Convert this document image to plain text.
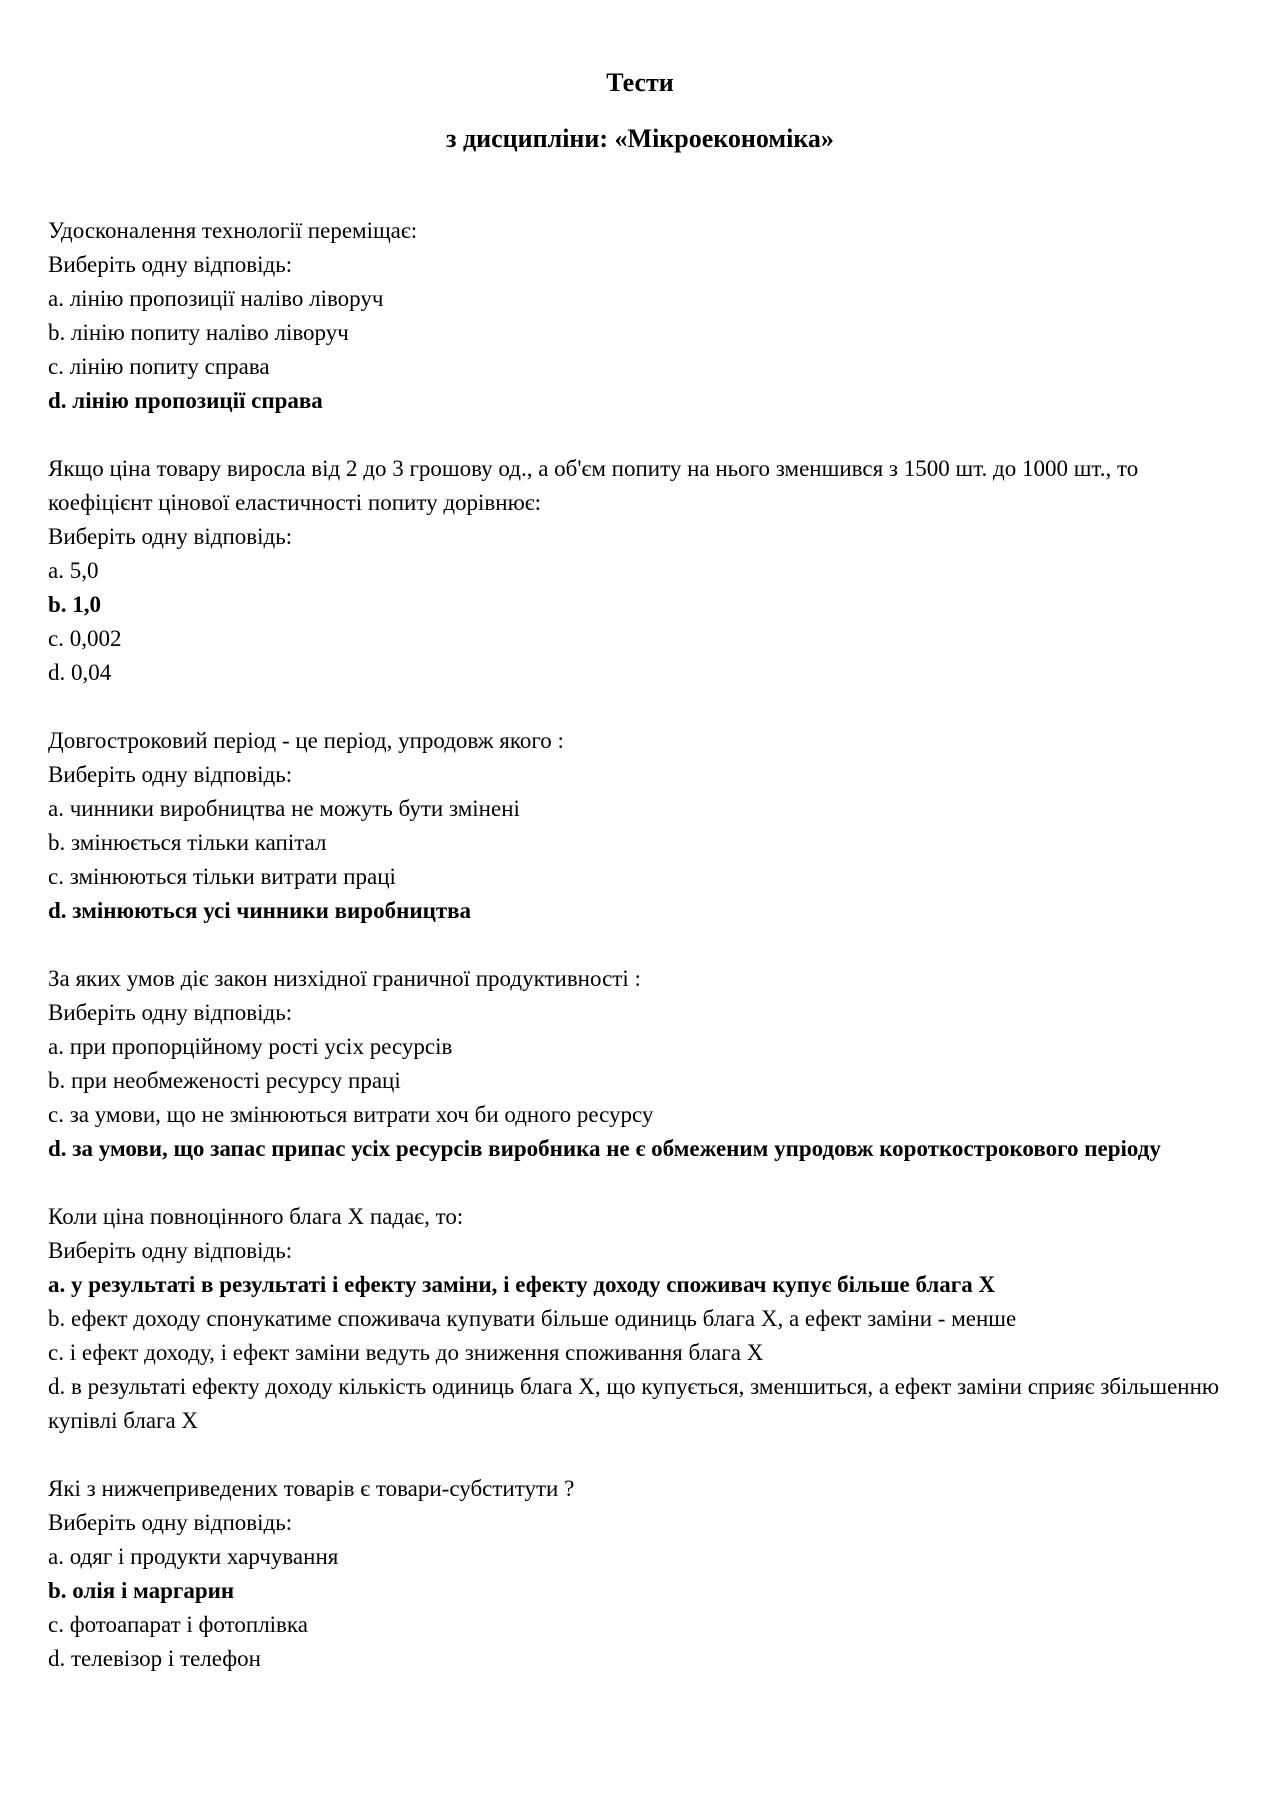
Тести
з дисципліни: «Мікроекономіка»

Удосконалення технології переміщає:

Виберіть одну відповідь:

a. лінію пропозиції наліво ліворуч

b. лінію попиту наліво ліворуч

c. лінію попиту справа

d. лінію пропозиції справа

Якщо ціна товару виросла від 2 до 3 грошову од., а об'єм попиту на нього зменшився з 1500 шт. до 1000 шт., то коефіцієнт цінової еластичності попиту дорівнює:

Виберіть одну відповідь:

a. 5,0

b. 1,0

c. 0,002

d. 0,04

Довгостроковий період - це період, упродовж якого :

Виберіть одну відповідь:

a. чинники виробництва не можуть бути змінені

b. змінюється тільки капітал

c. змінюються тільки витрати праці

d. змінюються усі чинники виробництва

За яких умов діє закон низхідної граничної продуктивності :

Виберіть одну відповідь:

a. при пропорційному рості усіх ресурсів

b. при необмеженості ресурсу праці

c. за умови, що не змінюються витрати хоч би одного ресурсу

d. за умови, що запас припас усіх ресурсів виробника не є обмеженим упродовж короткострокового періоду

Коли ціна повноцінного блага Х падає, то:

Виберіть одну відповідь:

a. у результаті в результаті і ефекту заміни, і ефекту доходу споживач купує більше блага Х

b. ефект доходу спонукатиме споживача купувати більше одиниць блага Х, а ефект заміни - менше

c. і ефект доходу, і ефект заміни ведуть до зниження споживання блага Х

d. в результаті ефекту доходу кількість одиниць блага Х, що купується, зменшиться, а ефект заміни сприяє збільшенню купівлі блага Х

Які з нижчеприведених товарів є товари-субститути ?

Виберіть одну відповідь:

a. одяг і продукти харчування

b. олія і маргарин

c. фотоапарат і фотоплівка

d. телевізор і телефон
